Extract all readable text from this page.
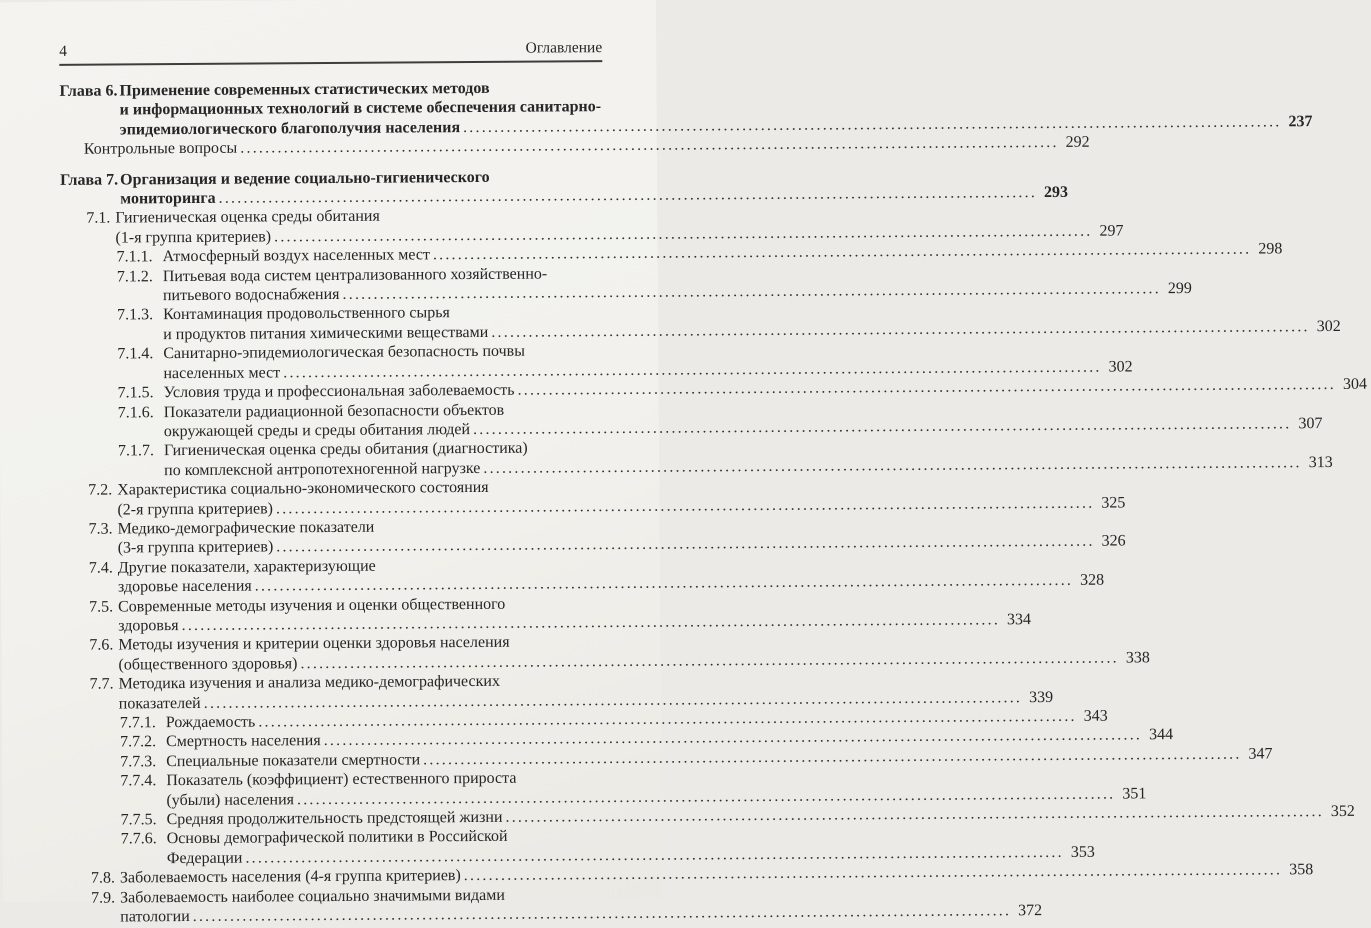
4	Оглавление
Глава 6. Применение современных статистических методов
и информационных технологий в системе обеспечения санитарно-
эпидемиологического благополучия населения .....	237
Контрольные вопросы .....	292
Глава 7. Организация и ведение социально-гигиенического
мониторинга .....	293
7.1. Гигиеническая оценка среды обитания
(1-я группа критериев) .....	297
7.1.1. Атмосферный воздух населенных мест .....	298
7.1.2. Питьевая вода систем централизованного хозяйственно-
питьевого водоснабжения .....	299
7.1.3. Контаминация продовольственного сырья
и продуктов питания химическими веществами .....	302
7.1.4. Санитарно-эпидемиологическая безопасность почвы
населенных мест .....	302
7.1.5. Условия труда и профессиональная заболеваемость .....	304
7.1.6. Показатели радиационной безопасности объектов
окружающей среды и среды обитания людей .....	307
7.1.7. Гигиеническая оценка среды обитания (диагностика)
по комплексной антропотехногенной нагрузке .....	313
7.2. Характеристика социально-экономического состояния
(2-я группа критериев) .....	325
7.3. Медико-демографические показатели
(3-я группа критериев) .....	326
7.4. Другие показатели, характеризующие
здоровье населения .....	328
7.5. Современные методы изучения и оценки общественного
здоровья .....	334
7.6. Методы изучения и критерии оценки здоровья населения
(общественного здоровья) .....	338
7.7. Методика изучения и анализа медико-демографических
показателей .....	339
7.7.1. Рождаемость .....	343
7.7.2. Смертность населения .....	344
7.7.3. Специальные показатели смертности .....	347
7.7.4. Показатель (коэффициент) естественного прироста
(убыли) населения .....	351
7.7.5. Средняя продолжительность предстоящей жизни .....	352
7.7.6. Основы демографической политики в Российской
Федерации .....	353
7.8. Заболеваемость населения (4-я группа критериев) .....	358
7.9. Заболеваемость наиболее социально значимыми видами
патологии .....	372
